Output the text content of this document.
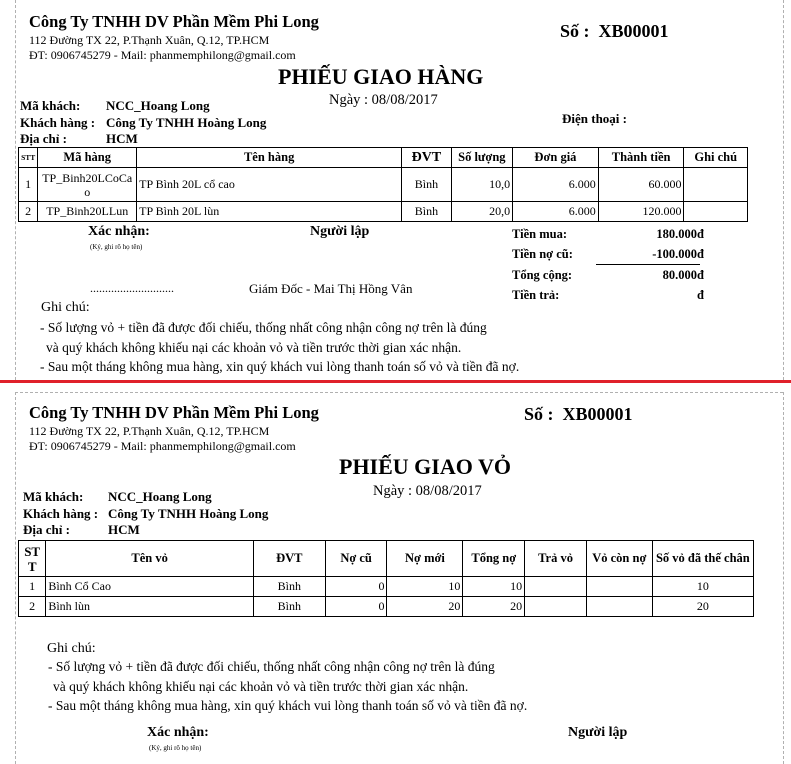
Công Ty TNHH DV Phần Mềm Phi Long
112 Đường TX 22, P.Thạnh Xuân, Q.12, TP.HCM
ĐT: 0906745279 - Mail: phanmemphilong@gmail.com
Số : XB00001
PHIẾU GIAO HÀNG
Ngày : 08/08/2017
Mã khách: NCC_Hoang Long
Khách hàng : Công Ty TNHH Hoàng Long
Địa chỉ :	HCM
Điện thoại :
STT	Mã hàng	Tên hàng	ĐVT	Số lượng	Đơn giá	Thành tiền	Ghi chú
1	TP_Binh20LCoCao	TP Bình 20L cổ cao	Bình	10,0	6.000	60.000	
2	TP_Binh20LLun	TP Bình 20L lùn	Bình	20,0	6.000	120.000	
Xác nhận:
(Ký, ghi rõ họ tên)
Người lập
............................	Giám Đốc - Mai Thị Hồng Vân
Tiền mua:	180.000đ
Tiền nợ cũ:	-100.000đ
Tổng cộng:	80.000đ
Tiền trả:	đ
Ghi chú:
- Số lượng vỏ + tiền đã được đối chiếu, thống nhất công nhận công nợ trên là đúng
và quý khách không khiếu nại các khoản vỏ và tiền trước thời gian xác nhận.
- Sau một tháng không mua hàng, xin quý khách vui lòng thanh toán số vỏ và tiền đã nợ.
Công Ty TNHH DV Phần Mềm Phi Long
112 Đường TX 22, P.Thạnh Xuân, Q.12, TP.HCM
ĐT: 0906745279 - Mail: phanmemphilong@gmail.com
Số : XB00001
PHIẾU GIAO VỎ
Ngày : 08/08/2017
Mã khách: NCC_Hoang Long
Khách hàng : Công Ty TNHH Hoàng Long
Địa chỉ :	HCM
STT	Tên vỏ	ĐVT	Nợ cũ	Nợ mới	Tổng nợ	Trả vỏ	Vỏ còn nợ	Số vỏ đã thế chân
1	Bình Cổ Cao	Bình	0	10	10			10
2	Bình lùn	Bình	0	20	20			20
Ghi chú:
- Số lượng vỏ + tiền đã được đối chiếu, thống nhất công nhận công nợ trên là đúng
và quý khách không khiếu nại các khoản vỏ và tiền trước thời gian xác nhận.
- Sau một tháng không mua hàng, xin quý khách vui lòng thanh toán số vỏ và tiền đã nợ.
Xác nhận:
(Ký, ghi rõ họ tên)
Người lập
